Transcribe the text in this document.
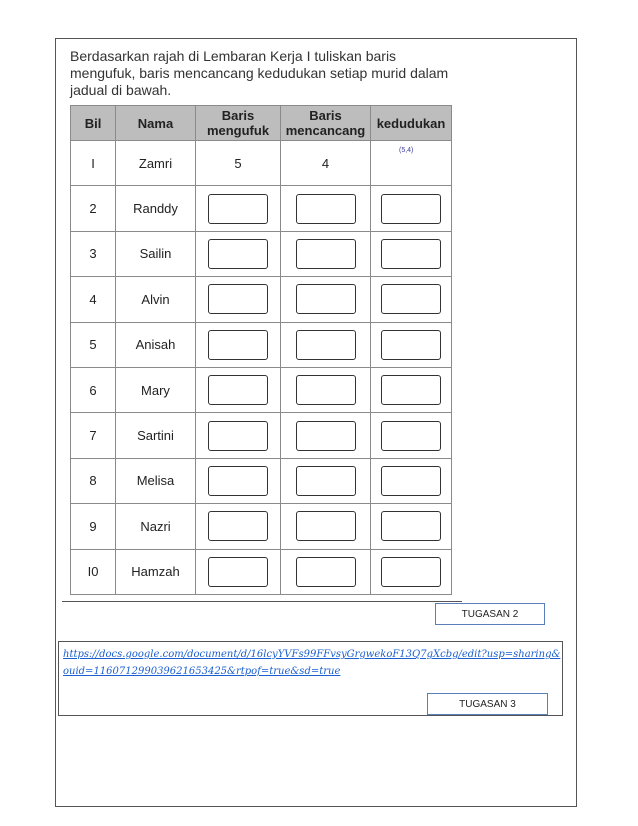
Berdasarkan rajah di Lembaran Kerja I tuliskan baris mengufuk, baris mencancang kedudukan setiap murid dalam jadual di bawah.
Bil	Nama	Baris mengufuk	Baris mencancang	kedudukan
I	Zamri	5	4	(5,4)

2	Randdy			
3	Sailin			
4	Alvin			
5	Anisah			
6	Mary			
7	Sartini			
8	Melisa			
9	Nazri			
I0	Hamzah			
TUGASAN 2
https://docs.google.com/document/d/16lcyYVFs99FFvsyGrgwekoF13Q7gXcbg/edit?usp=sharing&ouid=116071299039621653425&rtpof=true&sd=true
TUGASAN 3
